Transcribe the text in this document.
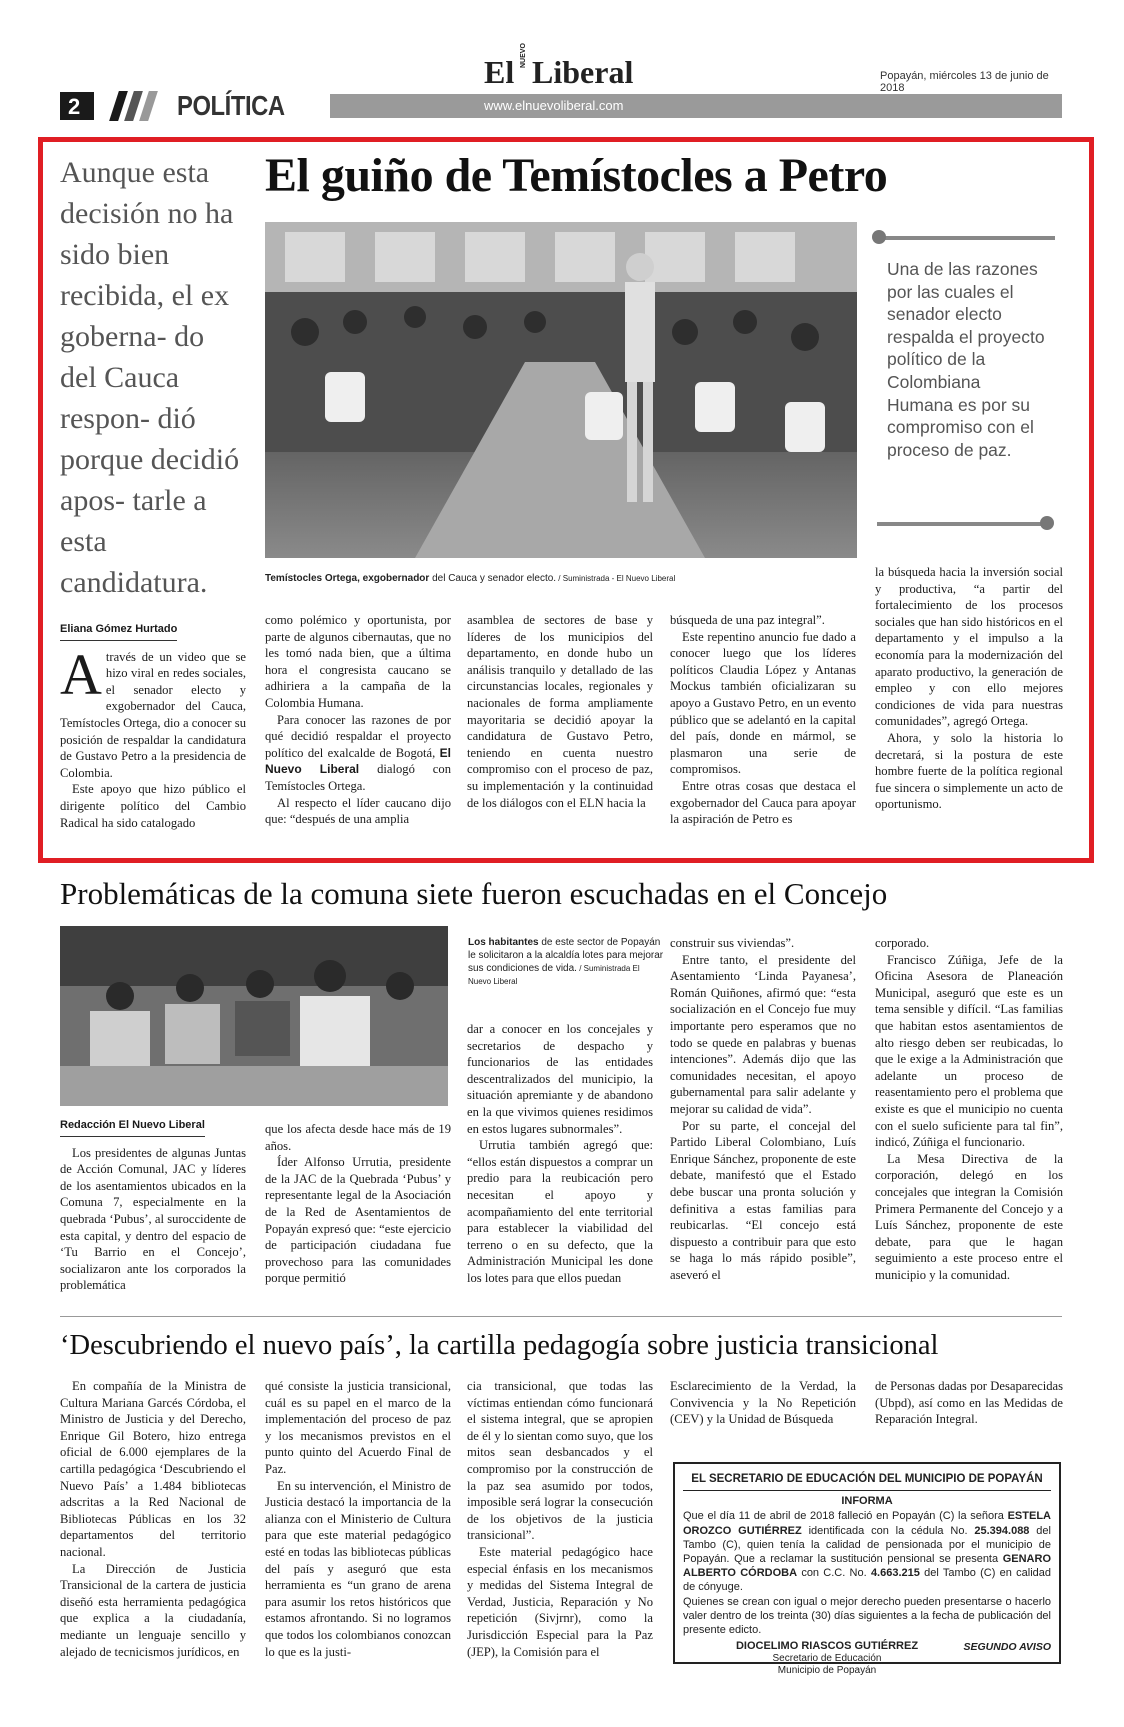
2	POLÍTICA
El NUEVO Liberal	Popayán, miércoles 13 de junio de 2018
www.elnuevoliberal.com
Aunque esta decisión no ha sido bien recibida, el ex goberna- do del Cauca respon- dió porque decidió apos- tarle a esta candidatura.
El guiño de Temístocles a Petro
Temístocles Ortega, exgobernador del Cauca y senador electo. / Suministrada - El Nuevo Liberal
Una de las razones por las cuales el senador electo respalda el proyecto político de la Colombiana Humana es por su compromiso con el proceso de paz.
Eliana Gómez Hurtado

Através de un video que se hizo viral en redes sociales, el senador electo y exgobernador del Cauca, Temístocles Ortega, dio a conocer su posición de respaldar la candidatura de Gustavo Petro a la presidencia de Colombia.

Este apoyo que hizo público el dirigente político del Cambio Radical ha sido catalogado

como polémico y oportunista, por parte de algunos cibernautas, que no les tomó nada bien, que a última hora el congresista caucano se adhiriera a la campaña de la Colombia Humana.

Para conocer las razones de por qué decidió respaldar el proyecto político del exalcalde de Bogotá, El Nuevo Liberal dialogó con Temístocles Ortega.

Al respecto el líder caucano dijo que: “después de una amplia

asamblea de sectores de base y líderes de los municipios del departamento, en donde hubo un análisis tranquilo y detallado de las circunstancias locales, regionales y nacionales de forma ampliamente mayoritaria se decidió apoyar la candidatura de Gustavo Petro, teniendo en cuenta nuestro compromiso con el proceso de paz, su implementación y la continuidad de los diálogos con el ELN hacia la

búsqueda de una paz integral”.

Este repentino anuncio fue dado a conocer luego que los líderes políticos Claudia López y Antanas Mockus también oficializaran su apoyo a Gustavo Petro, en un evento público que se adelantó en la capital del país, donde en mármol, se plasmaron una serie de compromisos.

Entre otras cosas que destaca el exgobernador del Cauca para apoyar la aspiración de Petro es

la búsqueda hacia la inversión social y productiva, “a partir del fortalecimiento de los procesos sociales que han sido históricos en el departamento y el impulso a la economía para la modernización del aparato productivo, la generación de empleo y con ello mejores condiciones de vida para nuestras comunidades”, agregó Ortega.

Ahora, y solo la historia lo decretará, si la postura de este hombre fuerte de la política regional fue sincera o simplemente un acto de oportunismo.

Problemáticas de la comuna siete fueron escuchadas en el Concejo
Los habitantes de este sector de Popayán le solicitaron a la alcaldía lotes para mejorar sus condiciones de vida. / Suministrada El Nuevo Liberal
Redacción El Nuevo Liberal

Los presidentes de algunas Juntas de Acción Comunal, JAC y líderes de los asentamientos ubicados en la Comuna 7, especialmente en la quebrada ‘Pubus’, al suroccidente de esta capital, y dentro del espacio de ‘Tu Barrio en el Concejo’, socializaron ante los corporados la problemática

que los afecta desde hace más de 19 años.

Íder Alfonso Urrutia, presidente de la JAC de la Quebrada ‘Pubus’ y representante legal de la Asociación de la Red de Asentamientos de Popayán expresó que: “este ejercicio de participación ciudadana fue provechoso para las comunidades porque permitió

dar a conocer en los concejales y secretarios de despacho y funcionarios de las entidades descentralizados del municipio, la situación apremiante y de abandono en la que vivimos quienes residimos en estos lugares subnormales”.

Urrutia también agregó que: “ellos están dispuestos a comprar un predio para la reubicación pero necesitan el apoyo y acompañamiento del ente territorial para establecer la viabilidad del terreno o en su defecto, que la Administración Municipal les done los lotes para que ellos puedan

construir sus viviendas”.

Entre tanto, el presidente del Asentamiento ‘Linda Payanesa’, Román Quiñones, afirmó que: “esta socialización en el Concejo fue muy importante pero esperamos que no todo se quede en palabras y buenas intenciones”. Además dijo que las comunidades necesitan, el apoyo gubernamental para salir adelante y mejorar su calidad de vida”.

Por su parte, el concejal del Partido Liberal Colombiano, Luís Enrique Sánchez, proponente de este debate, manifestó que el Estado debe buscar una pronta solución y definitiva a estas familias para reubicarlas. “El concejo está dispuesto a contribuir para que esto se haga lo más rápido posible”, aseveró el

corporado.

Francisco Zúñiga, Jefe de la Oficina Asesora de Planeación Municipal, aseguró que este es un tema sensible y difícil. “Las familias que habitan estos asentamientos de alto riesgo deben ser reubicadas, lo que le exige a la Administración que adelante un proceso de reasentamiento pero el problema que existe es que el municipio no cuenta con el suelo suficiente para tal fin”, indicó, Zúñiga el funcionario.

La Mesa Directiva de la corporación, delegó en los concejales que integran la Comisión Primera Permanente del Concejo y a Luís Sánchez, proponente de este debate, para que le hagan seguimiento a este proceso entre el municipio y la comunidad.

‘Descubriendo el nuevo país’, la cartilla pedagogía sobre justicia transicional

En compañía de la Ministra de Cultura Mariana Garcés Córdoba, el Ministro de Justicia y del Derecho, Enrique Gil Botero, hizo entrega oficial de 6.000 ejemplares de la cartilla pedagógica ‘Descubriendo el Nuevo País’ a 1.484 bibliotecas adscritas a la Red Nacional de Bibliotecas Públicas en los 32 departamentos del territorio nacional.

La Dirección de Justicia Transicional de la cartera de justicia diseñó esta herramienta pedagógica que explica a la ciudadanía, mediante un lenguaje sencillo y alejado de tecnicismos jurídicos, en

qué consiste la justicia transicional, cuál es su papel en el marco de la implementación del proceso de paz y los mecanismos previstos en el punto quinto del Acuerdo Final de Paz.

En su intervención, el Ministro de Justicia destacó la importancia de la alianza con el Ministerio de Cultura para que este material pedagógico esté en todas las bibliotecas públicas del país y aseguró que esta herramienta es “un grano de arena para asumir los retos históricos que estamos afrontando. Si no logramos que todos los colombianos conozcan lo que es la justi-

cia transicional, que todas las víctimas entiendan cómo funcionará el sistema integral, que se apropien de él y lo sientan como suyo, que los mitos sean desbancados y el compromiso por la construcción de la paz sea asumido por todos, imposible será lograr la consecución de los objetivos de la justicia transicional”.

Este material pedagógico hace especial énfasis en los mecanismos y medidas del Sistema Integral de Verdad, Justicia, Reparación y No repetición (Sivjrnr), como la Jurisdicción Especial para la Paz (JEP), la Comisión para el

Esclarecimiento de la Verdad, la Convivencia y la No Repetición (CEV) y la Unidad de Búsqueda

de Personas dadas por Desaparecidas (Ubpd), así como en las Medidas de Reparación Integral.

EL SECRETARIO DE EDUCACIÓN DEL MUNICIPIO DE POPAYÁN
INFORMA
Que el día 11 de abril de 2018 falleció en Popayán (C) la señora ESTELA OROZCO GUTIÉRREZ identificada con la cédula No. 25.394.088 del Tambo (C), quien tenía la calidad de pensionada por el municipio de Popayán. Que a reclamar la sustitución pensional se presenta GENARO ALBERTO CÓRDOBA con C.C. No. 4.663.215 del Tambo (C) en calidad de cónyuge.
Quienes se crean con igual o mejor derecho pueden presentarse o hacerlo valer dentro de los treinta (30) días siguientes a la fecha de publicación del presente edicto.
DIOCELIMO RIASCOS GUTIÉRREZ
Secretario de Educación
Municipio de Popayán
SEGUNDO AVISO
